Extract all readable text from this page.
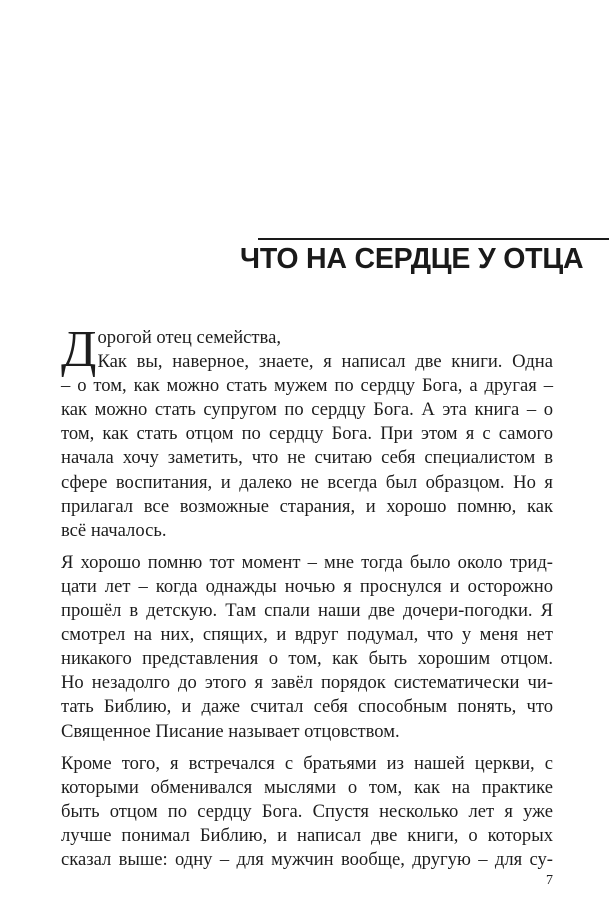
ЧТО НА СЕРДЦЕ У ОТЦА
Д орогой отец семейства,
Как вы, наверное, знаете, я написал две книги. Одна
– о том, как можно стать мужем по сердцу Бога, а другая –
как можно стать супругом по сердцу Бога. А эта книга – о
том, как стать отцом по сердцу Бога. При этом я с самого
начала хочу заметить, что не считаю себя специалистом в
сфере воспитания, и далеко не всегда был образцом. Но я
прилагал все возможные старания, и хорошо помню, как
всё началось.
Я хорошо помню тот момент – мне тогда было около трид-
цати лет – когда однажды ночью я проснулся и осторожно
прошёл в детскую. Там спали наши две дочери-погодки. Я
смотрел на них, спящих, и вдруг подумал, что у меня нет
никакого представления о том, как быть хорошим отцом.
Но незадолго до этого я завёл порядок систематически чи-
тать Библию, и даже считал себя способным понять, что
Священное Писание называет отцовством.
Кроме того, я встречался с братьями из нашей церкви, с
которыми обменивался мыслями о том, как на практике
быть отцом по сердцу Бога. Спустя несколько лет я уже
лучше понимал Библию, и написал две книги, о которых
сказал выше: одну – для мужчин вообще, другую – для су-
7
